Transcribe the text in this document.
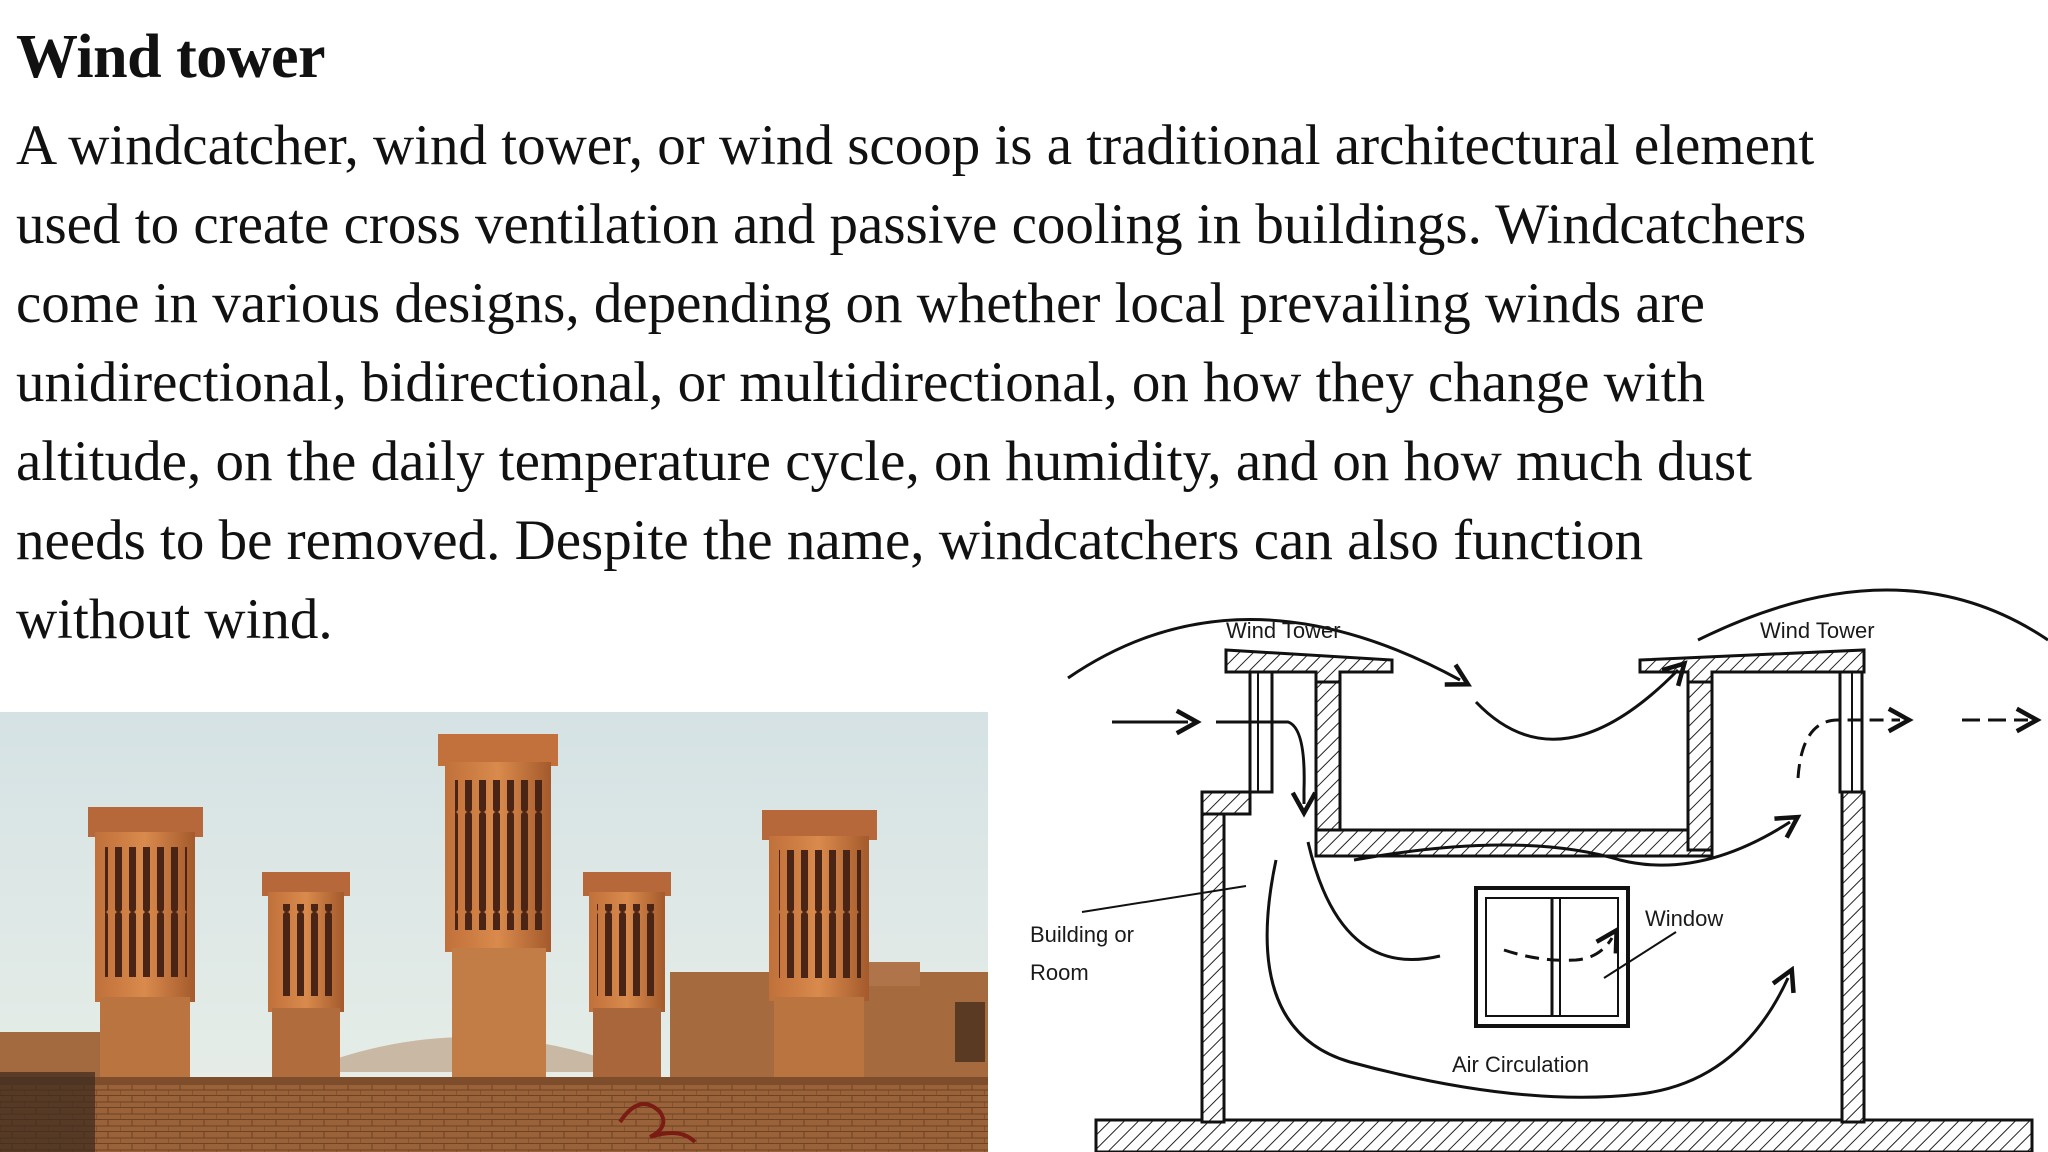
Wind tower

A windcatcher, wind tower, or wind scoop is a traditional architectural element
used to create cross ventilation and passive cooling in buildings. Windcatchers
come in various designs, depending on whether local prevailing winds are
unidirectional, bidirectional, or multidirectional, on how they change with
altitude, on the daily temperature cycle, on humidity, and on how much dust
needs to be removed. Despite the name, windcatchers can also function
without wind.	Wind Tower	Wind Tower
Window
Building or
Room
Air Circulation
